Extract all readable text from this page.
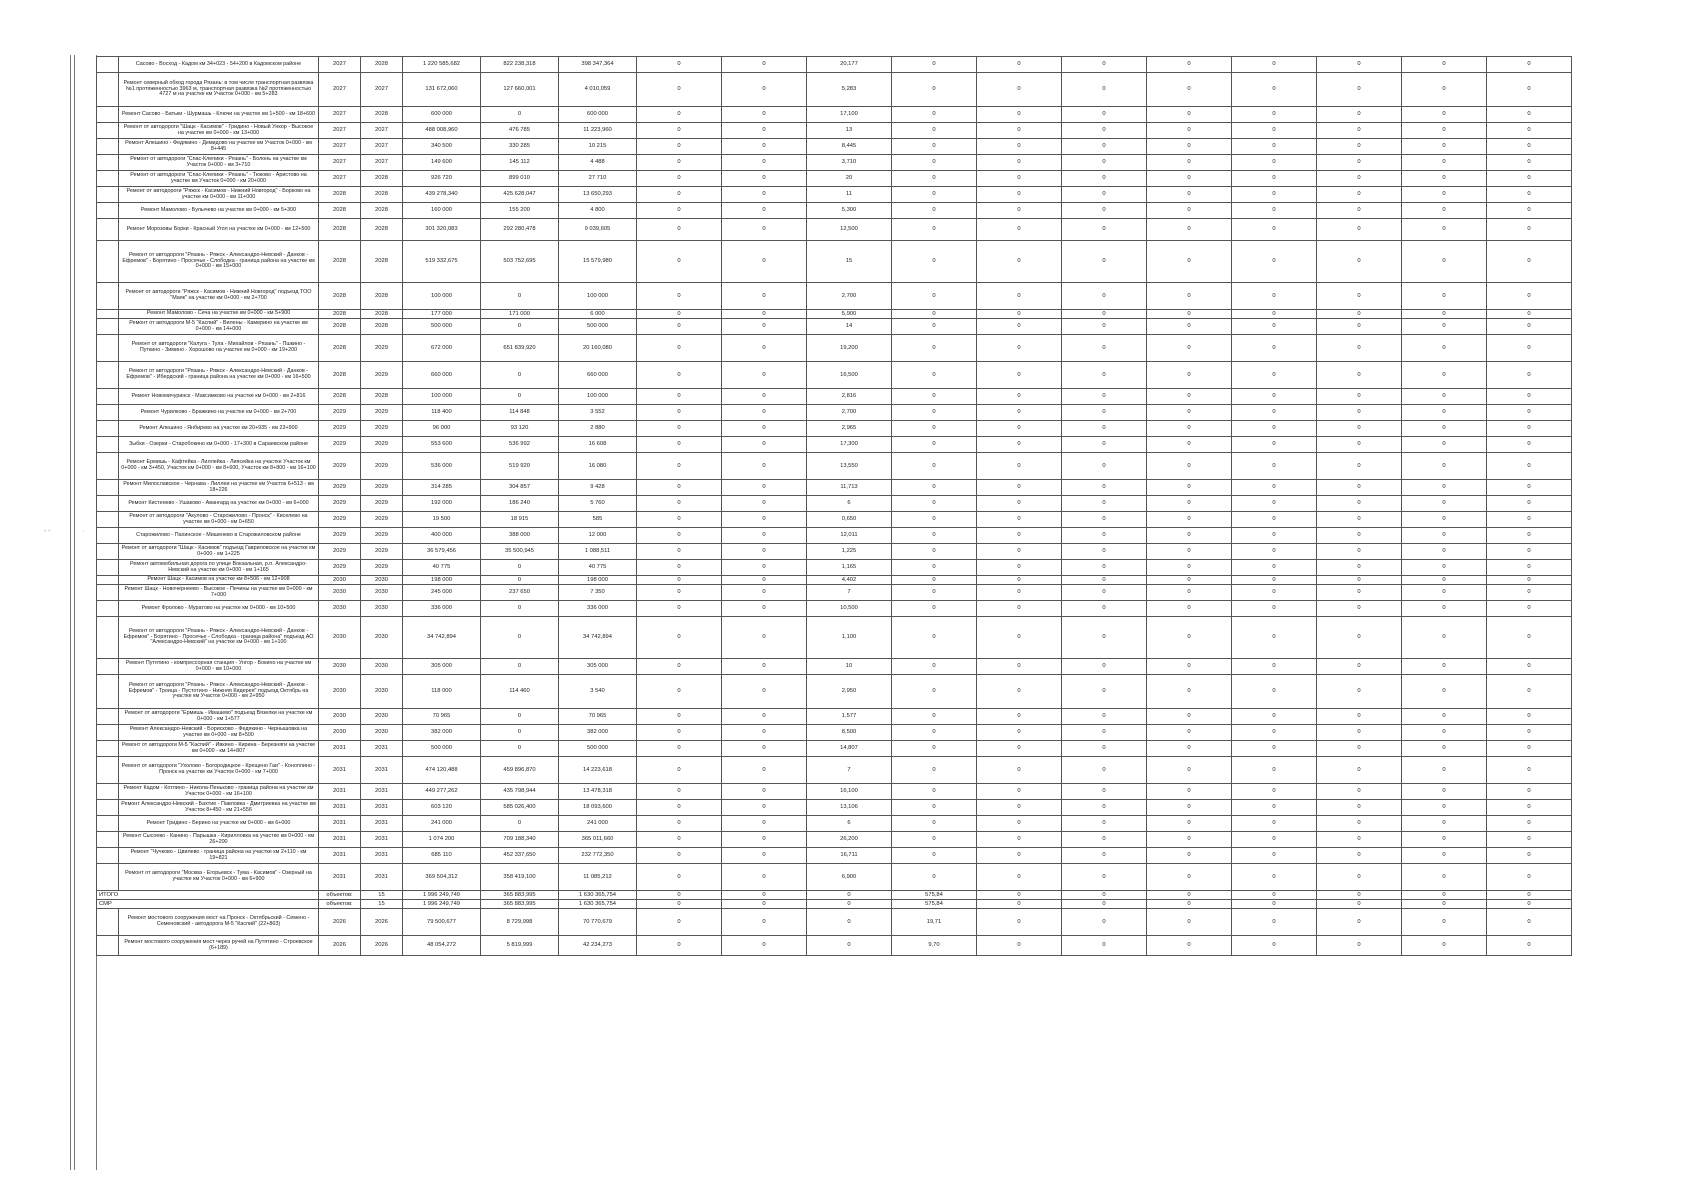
- -	·
	Сасово - Восход - Кадом км 34+023 - 54+200 в Кадомском районе	2027	2028	1 220 585,682	822 238,318	398 347,364	0	0	20,177	0	0	0	0	0	0	0	0
	Ремонт северный обход города Рязань: в том числе транспортная развязка №1 протяженностью 3963 м, транспортная развязка №2 протяженностью 4727 м на участке км Участок 0+000 - км 5+283	2027	2027	131 672,060	127 660,001	4 010,059	0	0	5,283	0	0	0	0	0	0	0	0
	Ремонт Сасово - Батьки - Шурмашь - Ключи на участке км 1+500 - км 18+600	2027	2028	600 000	0	600 000	0	0	17,100	0	0	0	0	0	0	0	0
	Ремонт от автодороги "Шацк - Касимов" - Гридино - Новый Ункор - Высокое на участке км 0+000 - км 13+000	2027	2027	488 008,960	476 785	11 223,960	0	0	13	0	0	0	0	0	0	0	0
	Ремонт Алешино - Федякино - Демидово на участке км Участок 0+000 - км 8+445	2027	2027	340 500	330 285	10 215	0	0	8,445	0	0	0	0	0	0	0	0
	Ремонт от автодороги "Спас-Клепики - Рязань" - Болонь на участке км Участок 0+000 - км 3+710	2027	2027	149 600	145 112	4 488	0	0	3,710	0	0	0	0	0	0	0	0
	Ремонт от автодороги "Спас-Клепики - Рязань" - Тюково - Аристово на участке км Участок 0+000 - км 20+000	2027	2028	926 720	899 010	27 710	0	0	20	0	0	0	0	0	0	0	0
	Ремонт от автодороги "Ряжск - Касимов - Нижний Новгород" - Борково на участке км 0+000 - км 11+000	2028	2028	439 278,340	425 628,047	13 650,293	0	0	11	0	0	0	0	0	0	0	0
	Ремонт Мамолово - Булычево на участке км 0+000 - км 5+300	2028	2028	160 000	155 200	4 800	0	0	5,300	0	0	0	0	0	0	0	0
	Ремонт Морозовы Борки - Красный Угол на участке км 0+000 - км 12+500	2028	2028	301 320,083	292 280,478	9 039,605	0	0	12,500	0	0	0	0	0	0	0	0
	Ремонт от автодороги "Рязань - Ряжск - Александро-Невский - Данков - Ефремов" - Борятино - Просечье - Слободка - граница района на участке км 0+000 - км 15+000	2028	2028	519 332,675	503 752,695	15 579,980	0	0	15	0	0	0	0	0	0	0	0
	Ремонт от автодороги "Ряжск - Касимов - Нижний Новгород" подъезд ТОО "Маяк" на участке км 0+000 - км 2+700	2028	2028	100 000	0	100 000	0	0	2,700	0	0	0	0	0	0	0	0
	Ремонт Мамолово - Сеча на участке км 0+000 - км 5+900	2028	2028	177 000	171 000	6 000	0	0	5,900	0	0	0	0	0	0	0	0
	Ремонт от автодороги М-5 "Каспий" - Вилены - Камерино на участке км 0+000 - км 14+000	2028	2028	500 000	0	500 000	0	0	14	0	0	0	0	0	0	0	0
	Ремонт от автодороги "Калуга - Тула - Михайлов - Рязань" - Пшкино - Путкино - Зимино - Хорошово на участке км 0+000 - км 19+200	2028	2029	672 000	651 839,920	20 160,080	0	0	19,200	0	0	0	0	0	0	0	0
	Ремонт от автодороги "Рязань - Ряжск - Александро-Невский - Данков - Ефремов" - Ибердский - граница района на участке км 0+000 - км 16+500	2028	2029	660 000	0	660 000	0	0	16,500	0	0	0	0	0	0	0	0
	Ремонт Новомичуринск - Максимково на участке км 0+000 - км 2+816	2028	2028	100 000	0	100 000	0	0	2,816	0	0	0	0	0	0	0	0
	Ремонт Чурилково - Бражкино на участке км 0+000 - км 2+700	2029	2029	118 400	114 848	3 552	0	0	2,700	0	0	0	0	0	0	0	0
	Ремонт Алешино - Янбирево на участке км 20+935 - км 23+900	2029	2029	96 000	93 120	2 880	0	0	2,965	0	0	0	0	0	0	0	0
	Зыбки - Озерки - Старобокино км 0+000 - 17+300 в Сараевском районе	2029	2029	553 600	536 992	16 608	0	0	17,300	0	0	0	0	0	0	0	0
	Ремонт Ермишь - Кафтейка - Лиллейка - Лиясейка на участке Участок км 0+000 - км 3+450, Участок км 0+000 - км 8+600, Участок км 8+800 - км 16+100	2029	2029	536 000	519 920	16 080	0	0	13,550	0	0	0	0	0	0	0	0
	Ремонт Милославское - Чернава - Лиллеи на участке км Участок 6+513 - км 18+226	2029	2029	314 285	304 857	9 428	0	0	11,713	0	0	0	0	0	0	0	0
	Ремонт Кистенево - Ушаково - Авангард на участке км 0+000 - км 6+000	2029	2029	192 000	186 240	5 760	0	0	6	0	0	0	0	0	0	0	0
	Ремонт от автодороги "Акулово - Старожилово - Пронск" - Киселево на участке км 0+000 - км 0+650	2029	2029	19 500	18 915	585	0	0	0,650	0	0	0	0	0	0	0	0
	Старожилово - Пахинское - Мишенево в Старожиловском районе	2029	2029	400 000	388 000	12 000	0	0	12,011	0	0	0	0	0	0	0	0
	Ремонт от автодороги "Шацк - Касимов" подъезд Гавриловское на участке км 0+000 - км 1+225	2029	2029	36 579,456	35 500,945	1 088,511	0	0	1,225	0	0	0	0	0	0	0	0
	Ремонт автомобильная дорога по улице Вокзальная, р.п. Александро-Невский на участке км 0+000 - км 1+165	2029	2029	40 775	0	40 775	0	0	1,165	0	0	0	0	0	0	0	0
	Ремонт Шацк - Касимов на участке км 8+506 - км 12+908	2030	2030	198 000	0	198 000	0	0	4,402	0	0	0	0	0	0	0	0
	Ремонт Шацк - Новочернеево - Высокое - Печины на участке км 0+000 - км 7+000	2030	2030	245 000	237 650	7 350	0	0	7	0	0	0	0	0	0	0	0
	Ремонт Фролово - Муратово на участке км 0+000 - км 10+500	2030	2030	336 000	0	336 000	0	0	10,500	0	0	0	0	0	0	0	0
	Ремонт от автодороги "Рязань - Ряжск - Александро-Невский - Данков - Ефремов" - Борятино - Просечье - Слободка - граница района" подъезд АО "Александро-Невский" на участке км 0+000 - км 1+100	2030	2030	34 742,894	0	34 742,894	0	0	1,100	0	0	0	0	0	0	0	0
	Ремонт Путятино - компрессорная станция - Унгор - Бокино на участке км 0+000 - км 10+000	2030	2030	305 000	0	305 000	0	0	10	0	0	0	0	0	0	0	0
	Ремонт от автодороги "Рязань - Ряжск - Александро-Невский - Данков - Ефремов" - Троица - Пустотино - Нижняя Кидерея" подъезд Октябрь на участке км Участок 0+000 - км 2+950	2030	2030	118 000	114 460	3 540	0	0	2,950	0	0	0	0	0	0	0	0
	Ремонт от автодороги "Ермишь - Ивашево" подъезд Вязелки на участке км 0+000 - км 1+577	2030	2030	70 965	0	70 965	0	0	1,577	0	0	0	0	0	0	0	0
	Ремонт Александро-Невский - Борисково - Федякино - Чернышовка на участке км 0+000 - км 8+500	2030	2030	382 000	0	382 000	0	0	8,500	0	0	0	0	0	0	0	0
	Ремонт от автодороги М-5 "Каспий" - Ивкино - Кирина - Березняги на участке км 0+000 - км 14+807	2031	2031	500 000	0	500 000	0	0	14,807	0	0	0	0	0	0	0	0
	Ремонт от автодороги "Ухолово - Богородицкое - Крещено Гаи" - Коноплино - Пронск на участке км Участок 0+000 - км 7+000	2031	2031	474 120,488	459 896,870	14 223,618	0	0	7	0	0	0	0	0	0	0	0
	Ремонт Кадом - Котлино - Никола-Пеньково - граница района на участке км Участок 0+000 - км 16+100	2031	2031	449 277,262	435 798,944	13 478,318	0	0	16,100	0	0	0	0	0	0	0	0
	Ремонт Александро-Невский - Бахтие - Павловка - Дмитриевка на участке км Участок 8+450 - км 21+556	2031	2031	603 120	585 026,400	18 093,600	0	0	13,106	0	0	0	0	0	0	0	0
	Ремонт Гридино - Берино на участке км 0+000 - км 6+000	2031	2031	241 000	0	241 000	0	0	6	0	0	0	0	0	0	0	0
	Ремонт Сысоево - Канино - Парышка - Кирилловка на участке км 0+000 - км 26+200	2031	2031	1 074 200	709 188,340	365 011,660	0	0	26,200	0	0	0	0	0	0	0	0
	Ремонт "Чучково - Цвилево - граница района на участке км 2+110 - км 19+821	2031	2031	685 110	452 337,650	232 772,350	0	0	16,711	0	0	0	0	0	0	0	0
	Ремонт от автодороги "Москва - Егорьевск - Тума - Касимов" - Озерный на участке км Участок 0+000 - км 6+900	2031	2031	369 504,312	358 419,100	11 085,212	0	0	6,900	0	0	0	0	0	0	0	0
ИТОГО		объектов:	15	1 996 249,749	365 883,995	1 630 365,754	0	0	0	575,84	0	0	0	0	0	0	0
СМР		объектов:	15	1 996 249,749	365 883,995	1 630 365,754	0	0	0	575,84	0	0	0	0	0	0	0
	Ремонт мостового сооружения мост на Пронск - Октябрьский - Семено - Семеновский - автодорога М-5 "Каспий" (22+863)	2026	2026	79 500,677	8 729,998	70 770,679	0	0	0	19,71	0	0	0	0	0	0	0
	Ремонт мостового сооружения мост через ручей на Путятино - Строевское (6+189)	2026	2026	48 054,272	5 819,999	42 234,273	0	0	0	9,70	0	0	0	0	0	0	0
